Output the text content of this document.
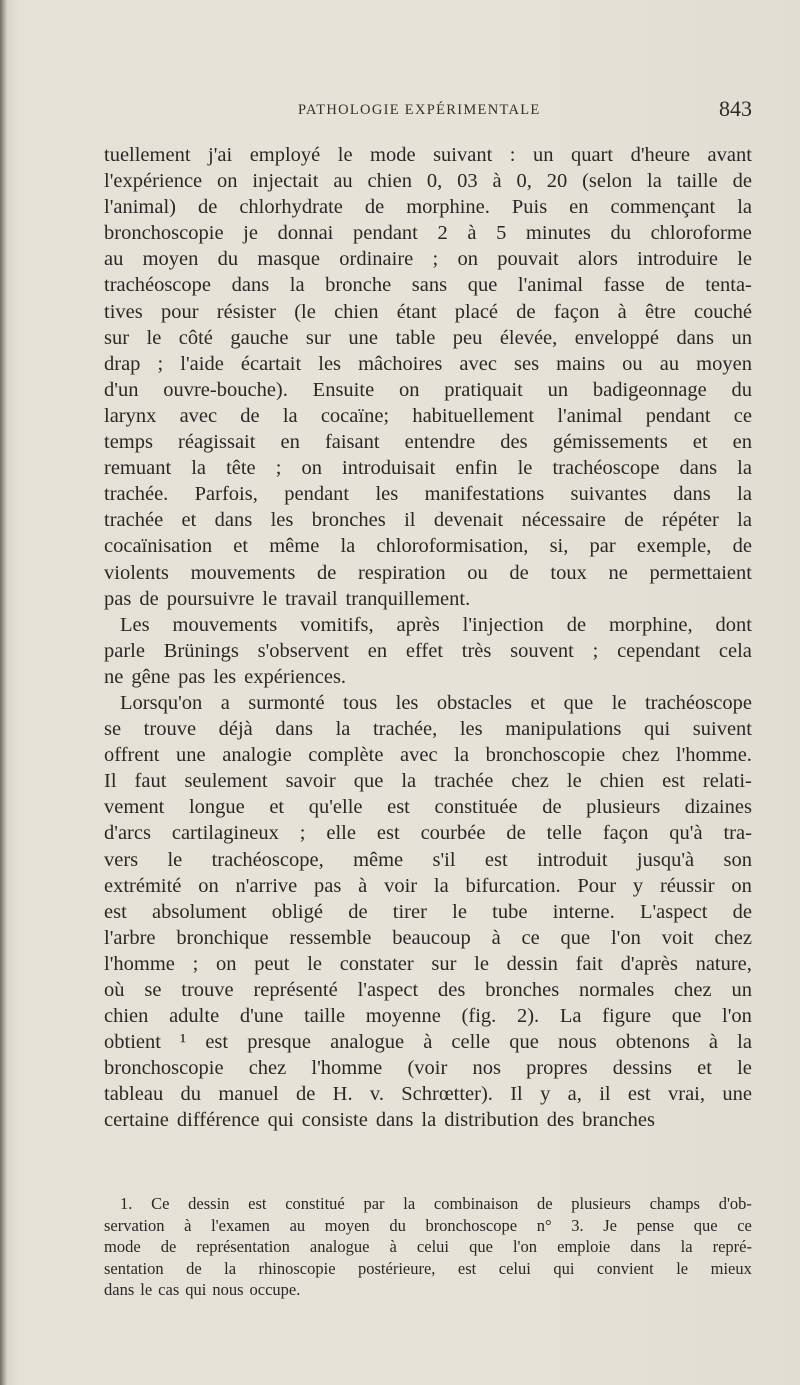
PATHOLOGIE EXPÉRIMENTALE	843
tuellement j'ai employé le mode suivant : un quart d'heure avant
l'expérience on injectait au chien 0, 03 à 0, 20 (selon la taille de
l'animal) de chlorhydrate de morphine. Puis en commençant la
bronchoscopie je donnai pendant 2 à 5 minutes du chloroforme
au moyen du masque ordinaire ; on pouvait alors introduire le
trachéoscope dans la bronche sans que l'animal fasse de tenta-
tives pour résister (le chien étant placé de façon à être couché
sur le côté gauche sur une table peu élevée, enveloppé dans un
drap ; l'aide écartait les mâchoires avec ses mains ou au moyen
d'un ouvre-bouche). Ensuite on pratiquait un badigeonnage du
larynx avec de la cocaïne; habituellement l'animal pendant ce
temps réagissait en faisant entendre des gémissements et en
remuant la tête ; on introduisait enfin le trachéoscope dans la
trachée. Parfois, pendant les manifestations suivantes dans la
trachée et dans les bronches il devenait nécessaire de répéter la
cocaïnisation et même la chloroformisation, si, par exemple, de
violents mouvements de respiration ou de toux ne permettaient
pas de poursuivre le travail tranquillement.
Les mouvements vomitifs, après l'injection de morphine, dont
parle Brünings s'observent en effet très souvent ; cependant cela
ne gêne pas les expériences.
Lorsqu'on a surmonté tous les obstacles et que le trachéoscope
se trouve déjà dans la trachée, les manipulations qui suivent
offrent une analogie complète avec la bronchoscopie chez l'homme.
Il faut seulement savoir que la trachée chez le chien est relati-
vement longue et qu'elle est constituée de plusieurs dizaines
d'arcs cartilagineux ; elle est courbée de telle façon qu'à tra-
vers le trachéoscope, même s'il est introduit jusqu'à son
extrémité on n'arrive pas à voir la bifurcation. Pour y réussir on
est absolument obligé de tirer le tube interne. L'aspect de
l'arbre bronchique ressemble beaucoup à ce que l'on voit chez
l'homme ; on peut le constater sur le dessin fait d'après nature,
où se trouve représenté l'aspect des bronches normales chez un
chien adulte d'une taille moyenne (fig. 2). La figure que l'on
obtient ¹ est presque analogue à celle que nous obtenons à la
bronchoscopie chez l'homme (voir nos propres dessins et le
tableau du manuel de H. v. Schrœtter). Il y a, il est vrai, une
certaine différence qui consiste dans la distribution des branches
1. Ce dessin est constitué par la combinaison de plusieurs champs d'ob-
servation à l'examen au moyen du bronchoscope n° 3. Je pense que ce
mode de représentation analogue à celui que l'on emploie dans la repré-
sentation de la rhinoscopie postérieure, est celui qui convient le mieux
dans le cas qui nous occupe.
